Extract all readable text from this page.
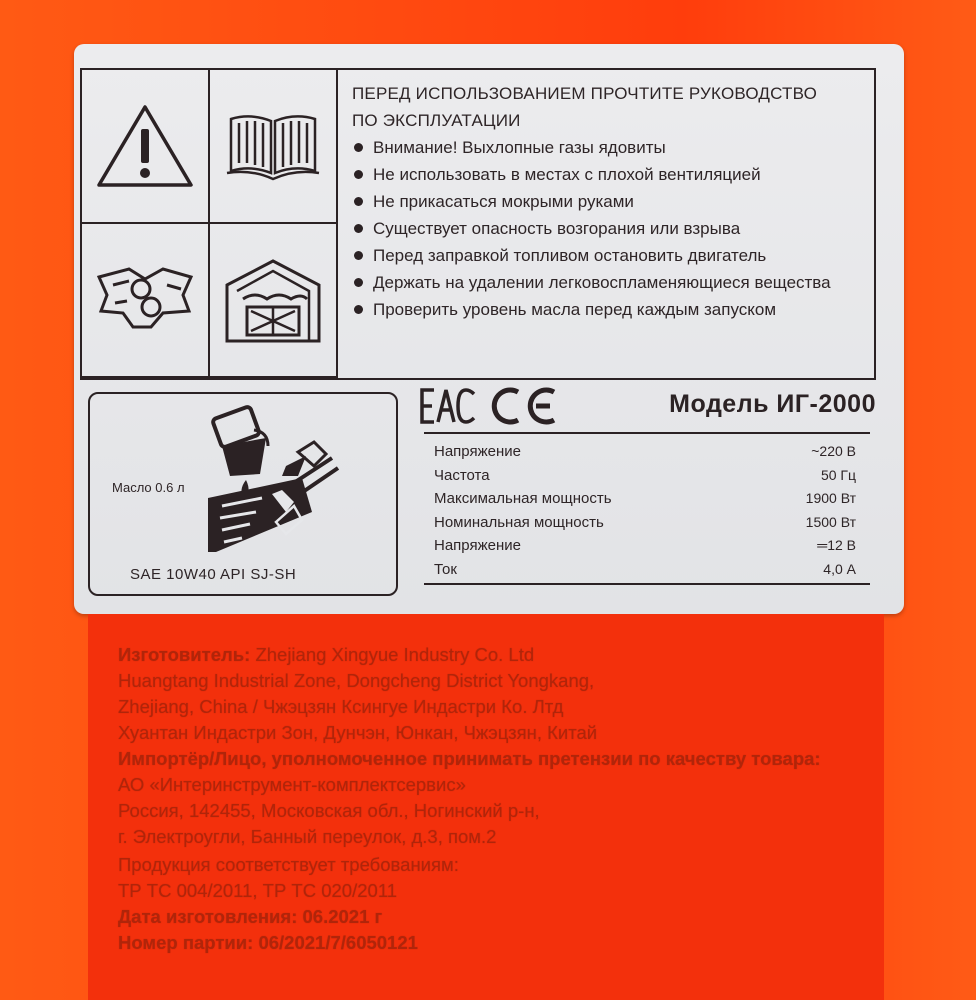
ПЕРЕД ИСПОЛЬЗОВАНИЕМ ПРОЧТИТЕ РУКОВОДСТВО
ПО ЭКСПЛУАТАЦИИ
Внимание! Выхлопные газы ядовиты
Не использовать в местах с плохой вентиляцией
Не прикасаться мокрыми руками
Существует опасность возгорания или взрыва
Перед заправкой топливом остановить двигатель
Держать на удалении легковоспламеняющиеся вещества
Проверить уровень масла перед каждым запуском
Масло 0.6 л
SAE 10W40 API SJ-SH
Модель ИГ-2000
Напряжение	~220 В
Частота	50 Гц
Максимальная мощность	1900 Вт
Номинальная мощность	1500 Вт
Напряжение	═12 В
Ток	4,0 А
Изготовитель: Zhejiang Xingyue Industry Co. Ltd
Huangtang Industrial Zone, Dongcheng District Yongkang,
Zhejiang, China / Чжэцзян Ксингуе Индастри Ко. Лтд
Хуантан Индастри Зон, Дунчэн, Юнкан, Чжэцзян, Китай
Импортёр/Лицо, уполномоченное принимать претензии по качеству товара:
АО «Интеринструмент-комплектсервис»
Россия, 142455, Московская обл., Ногинский р-н,
г. Электроугли, Банный переулок, д.3, пом.2
Продукция соответствует требованиям:
ТР ТС 004/2011, ТР ТС 020/2011
Дата изготовления: 06.2021 г
Номер партии: 06/2021/7/6050121
